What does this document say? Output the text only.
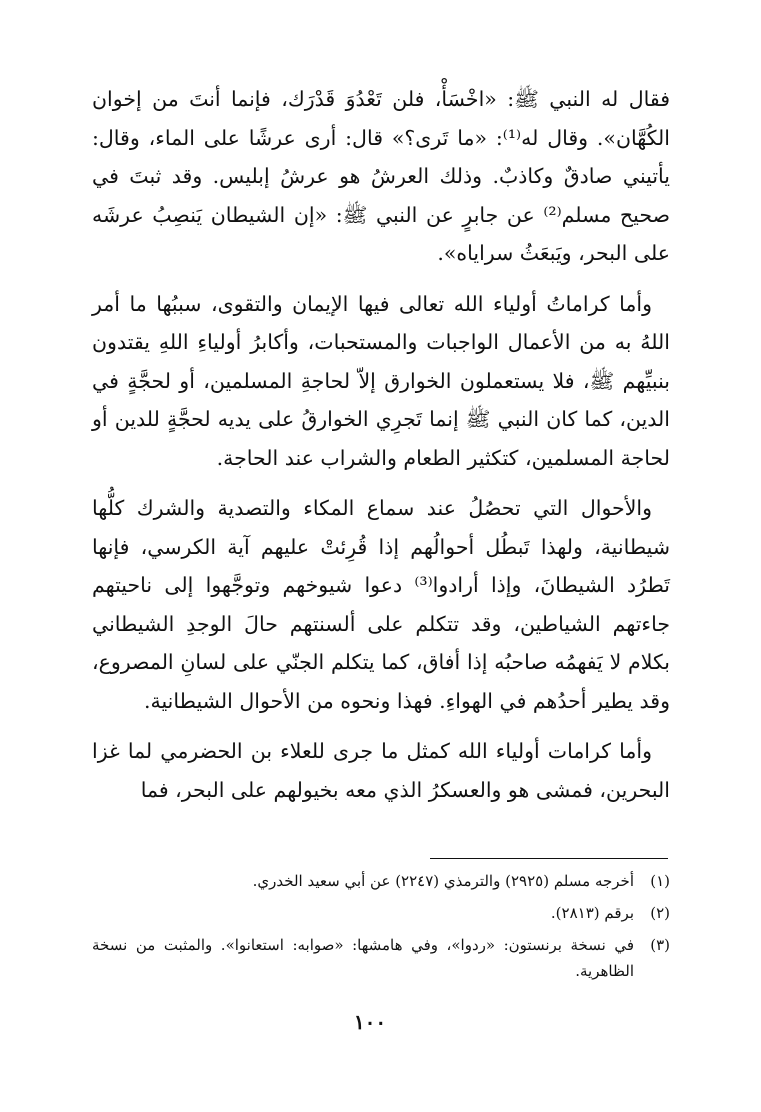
فقال له النبي ﷺ: «اخْسَأْ، فلن تَعْدُوَ قَدْرَك، فإنما أنتَ من إخوان الكُهَّان». وقال له⁽¹⁾: «ما تَرى؟» قال: أرى عرشًا على الماء، وقال: يأتيني صادقٌ وكاذبٌ. وذلك العرشُ هو عرشُ إبليس. وقد ثبتَ في صحيح مسلم⁽²⁾ عن جابرٍ عن النبي ﷺ: «إن الشيطان يَنصِبُ عرشَه على البحر، ويَبعَثُ سراياه».

وأما كراماتُ أولياء الله تعالى فيها الإيمان والتقوى، سببُها ما أمر اللهُ به من الأعمال الواجبات والمستحبات، وأكابرُ أولياءِ اللهِ يقتدون بنبيِّهم ﷺ، فلا يستعملون الخوارق إلاّ لحاجةِ المسلمين، أو لحجَّةٍ في الدين، كما كان النبي ﷺ إنما تَجرِي الخوارقُ على يديه لحجَّةٍ للدين أو لحاجة المسلمين، كتكثير الطعام والشراب عند الحاجة.

والأحوال التي تحصُلُ عند سماع المكاء والتصدية والشرك كلُّها شيطانية، ولهذا تَبطُل أحوالُهم إذا قُرِئتْ عليهم آية الكرسي، فإنها تَطرُد الشيطانَ، وإذا أرادوا⁽³⁾ دعوا شيوخهم وتوجَّهوا إلى ناحيتهم جاءتهم الشياطين، وقد تتكلم على ألسنتهم حالَ الوجدِ الشيطاني بكلام لا يَفهمُه صاحبُه إذا أفاق، كما يتكلم الجنّي على لسانِ المصروع، وقد يطير أحدُهم في الهواءِ. فهذا ونحوه من الأحوال الشيطانية.

وأما كرامات أولياء الله كمثل ما جرى للعلاء بن الحضرمي لما غزا البحرين، فمشى هو والعسكرُ الذي معه بخيولهم على البحر، فما

(١)
أخرجه مسلم (٢٩٢٥) والترمذي (٢٢٤٧) عن أبي سعيد الخدري.
(٢)
برقم (٢٨١٣).
(٣)
في نسخة برنستون: «ردوا»، وفي هامشها: «صوابه: استعانوا». والمثبت من نسخة الظاهرية.
١٠٠
